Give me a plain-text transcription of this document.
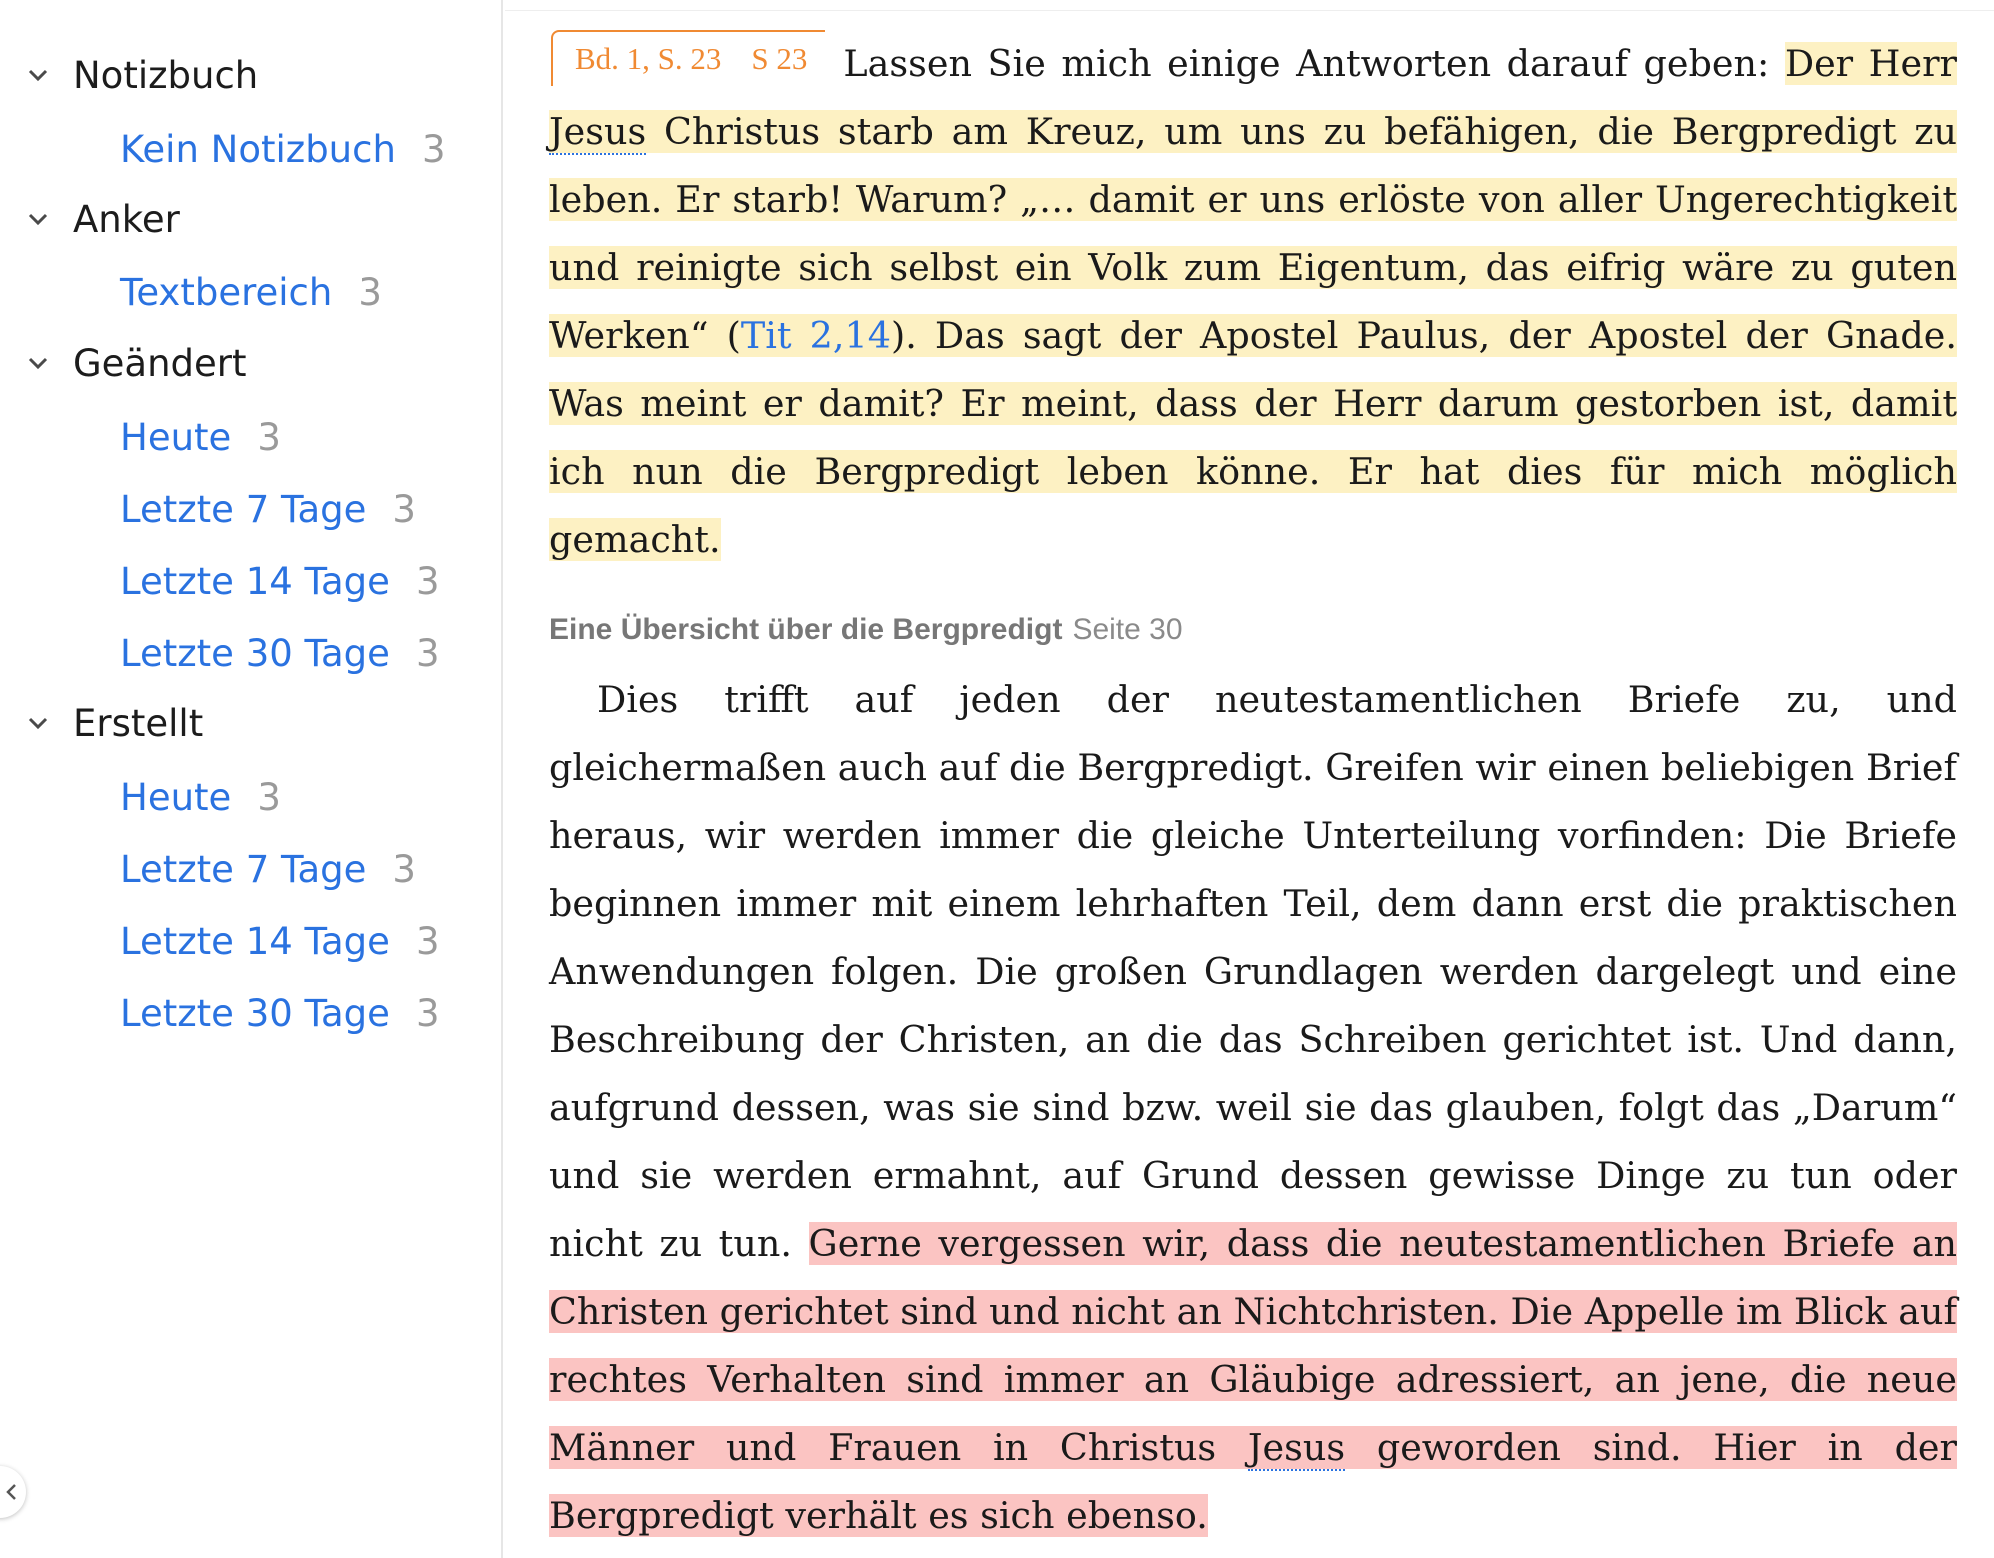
Notizbuch
Kein Notizbuch 3
Anker
Textbereich 3
Geändert
Heute 3
Letzte 7 Tage 3
Letzte 14 Tage 3
Letzte 30 Tage 3
Erstellt
Heute 3
Letzte 7 Tage 3
Letzte 14 Tage 3
Letzte 30 Tage 3
Bd. 1, S. 23 S 23 Lassen Sie mich einige Antworten darauf geben: Der Herr Jesus Christus starb am Kreuz, um uns zu befähigen, die Bergpredigt zu leben. Er starb! Warum? „… damit er uns erlöste von aller Ungerechtigkeit und reinigte sich selbst ein Volk zum Eigentum, das eifrig wäre zu guten Werken“ (Tit 2,14). Das sagt der Apostel Paulus, der Apostel der Gnade. Was meint er damit? Er meint, dass der Herr darum gestorben ist, damit ich nun die Bergpredigt leben könne. Er hat dies für mich möglich gemacht.
Eine Übersicht über die Bergpredigt Seite 30
Dies trifft auf jeden der neutestamentlichen Briefe zu, und gleichermaßen auch auf die Bergpredigt. Greifen wir einen beliebigen Brief heraus, wir werden immer die gleiche Unterteilung vorfinden: Die Briefe beginnen immer mit einem lehrhaften Teil, dem dann erst die praktischen Anwendungen folgen. Die großen Grundlagen werden dargelegt und eine Beschreibung der Christen, an die das Schreiben gerichtet ist. Und dann, aufgrund dessen, was sie sind bzw. weil sie das glauben, folgt das „Darum“ und sie werden ermahnt, auf Grund dessen gewisse Dinge zu tun oder nicht zu tun. Gerne vergessen wir, dass die neutestamentlichen Briefe an Christen gerichtet sind und nicht an Nichtchristen. Die Appelle im Blick auf rechtes Verhalten sind immer an Gläubige adressiert, an jene, die neue Männer und Frauen in Christus Jesus geworden sind. Hier in der Bergpredigt verhält es sich ebenso.
